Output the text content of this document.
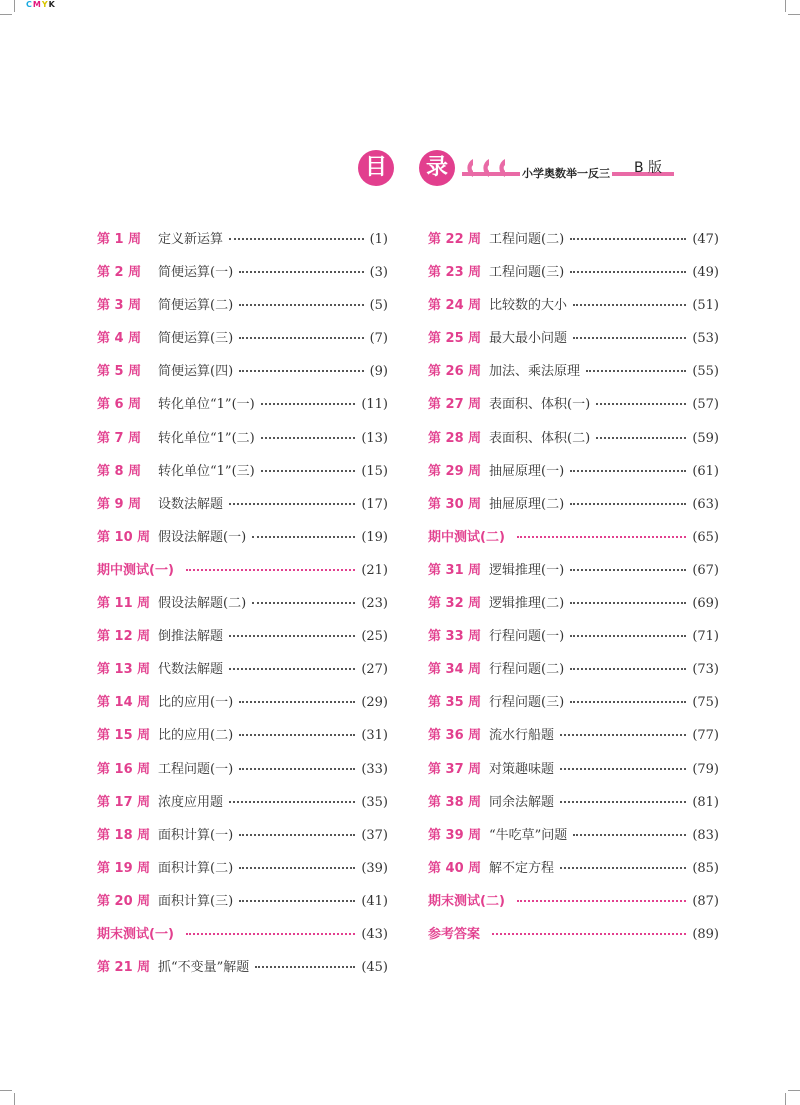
CMYK
目	录	小学奥数举一反三 B 版
第 1 周	定义新运算	(1)
第 2 周	简便运算(一)	(3)
第 3 周	简便运算(二)	(5)
第 4 周	简便运算(三)	(7)
第 5 周	简便运算(四)	(9)
第 6 周	转化单位“1”(一)	(11)
第 7 周	转化单位“1”(二)	(13)
第 8 周	转化单位“1”(三)	(15)
第 9 周	设数法解题	(17)
第 10 周 假设法解题(一)	(19)
期中测试(一)	(21)
第 11 周 假设法解题(二)	(23)
第 12 周 倒推法解题	(25)
第 13 周 代数法解题	(27)
第 14 周 比的应用(一)	(29)
第 15 周 比的应用(二)	(31)
第 16 周 工程问题(一)	(33)
第 17 周 浓度应用题	(35)
第 18 周 面积计算(一)	(37)
第 19 周 面积计算(二)	(39)
第 20 周 面积计算(三)	(41)
期末测试(一)	(43)
第 21 周 抓“不变量”解题	(45)
第 22 周 工程问题(二)	(47)
第 23 周 工程问题(三)	(49)
第 24 周 比较数的大小	(51)
第 25 周 最大最小问题	(53)
第 26 周 加法、乘法原理	(55)
第 27 周 表面积、体积(一)	(57)
第 28 周 表面积、体积(二)	(59)
第 29 周 抽屉原理(一)	(61)
第 30 周 抽屉原理(二)	(63)
期中测试(二)	(65)
第 31 周 逻辑推理(一)	(67)
第 32 周 逻辑推理(二)	(69)
第 33 周 行程问题(一)	(71)
第 34 周 行程问题(二)	(73)
第 35 周 行程问题(三)	(75)
第 36 周 流水行船题	(77)
第 37 周 对策趣味题	(79)
第 38 周 同余法解题	(81)
第 39 周 “牛吃草”问题	(83)
第 40 周 解不定方程	(85)
期末测试(二)	(87)
参考答案	(89)
